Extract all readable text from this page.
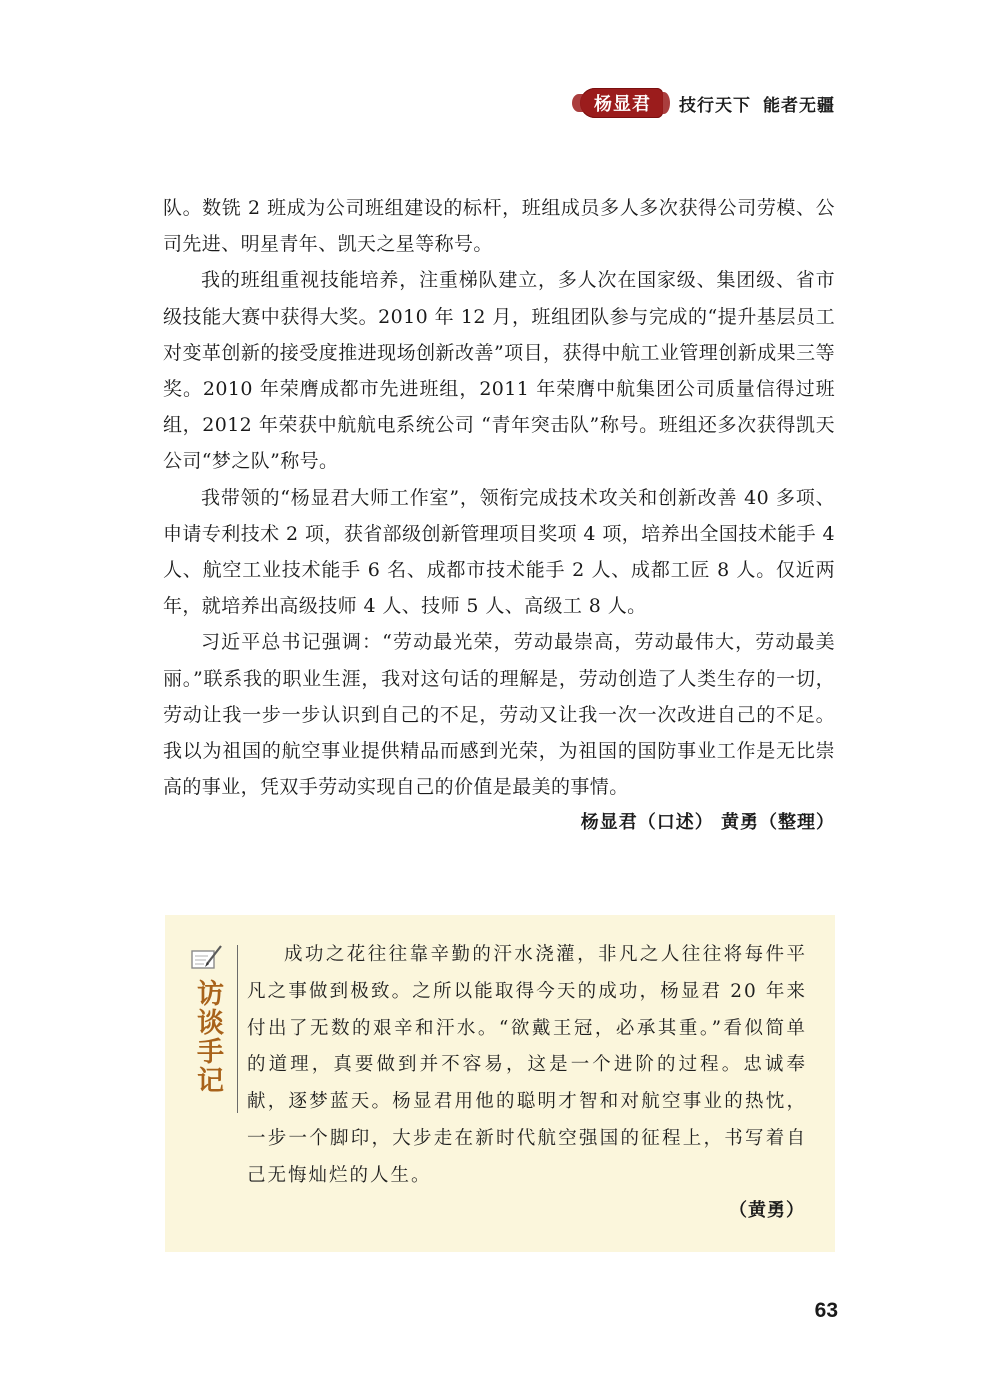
杨显君 技行天下 能者无疆

队。数铣 2 班成为公司班组建设的标杆，班组成员多人多次获得公司劳模、公司先进、明星青年、凯天之星等称号。

我的班组重视技能培养，注重梯队建立，多人次在国家级、集团级、省市级技能大赛中获得大奖。2010 年 12 月，班组团队参与完成的“提升基层员工对变革创新的接受度推进现场创新改善”项目，获得中航工业管理创新成果三等奖。2010 年荣膺成都市先进班组，2011 年荣膺中航集团公司质量信得过班组，2012 年荣获中航航电系统公司 “青年突击队”称号。班组还多次获得凯天公司“梦之队”称号。

我带领的“杨显君大师工作室”，领衔完成技术攻关和创新改善 40 多项、申请专利技术 2 项，获省部级创新管理项目奖项 4 项，培养出全国技术能手 4 人、航空工业技术能手 6 名、成都市技术能手 2 人、成都工匠 8 人。仅近两年，就培养出高级技师 4 人、技师 5 人、高级工 8 人。

习近平总书记强调：“劳动最光荣，劳动最崇高，劳动最伟大，劳动最美丽。”联系我的职业生涯，我对这句话的理解是，劳动创造了人类生存的一切，劳动让我一步一步认识到自己的不足，劳动又让我一次一次改进自己的不足。我以为祖国的航空事业提供精品而感到光荣，为祖国的国防事业工作是无比崇高的事业，凭双手劳动实现自己的价值是最美的事情。

杨显君（口述） 黄勇（整理）
访谈手记

成功之花往往靠辛勤的汗水浇灌，非凡之人往往将每件平凡之事做到极致。之所以能取得今天的成功，杨显君 20 年来付出了无数的艰辛和汗水。“欲戴王冠，必承其重。”看似简单的道理，真要做到并不容易，这是一个进阶的过程。忠诚奉献，逐梦蓝天。杨显君用他的聪明才智和对航空事业的热忱，一步一个脚印，大步走在新时代航空强国的征程上，书写着自己无悔灿烂的人生。

（黄勇）
63
